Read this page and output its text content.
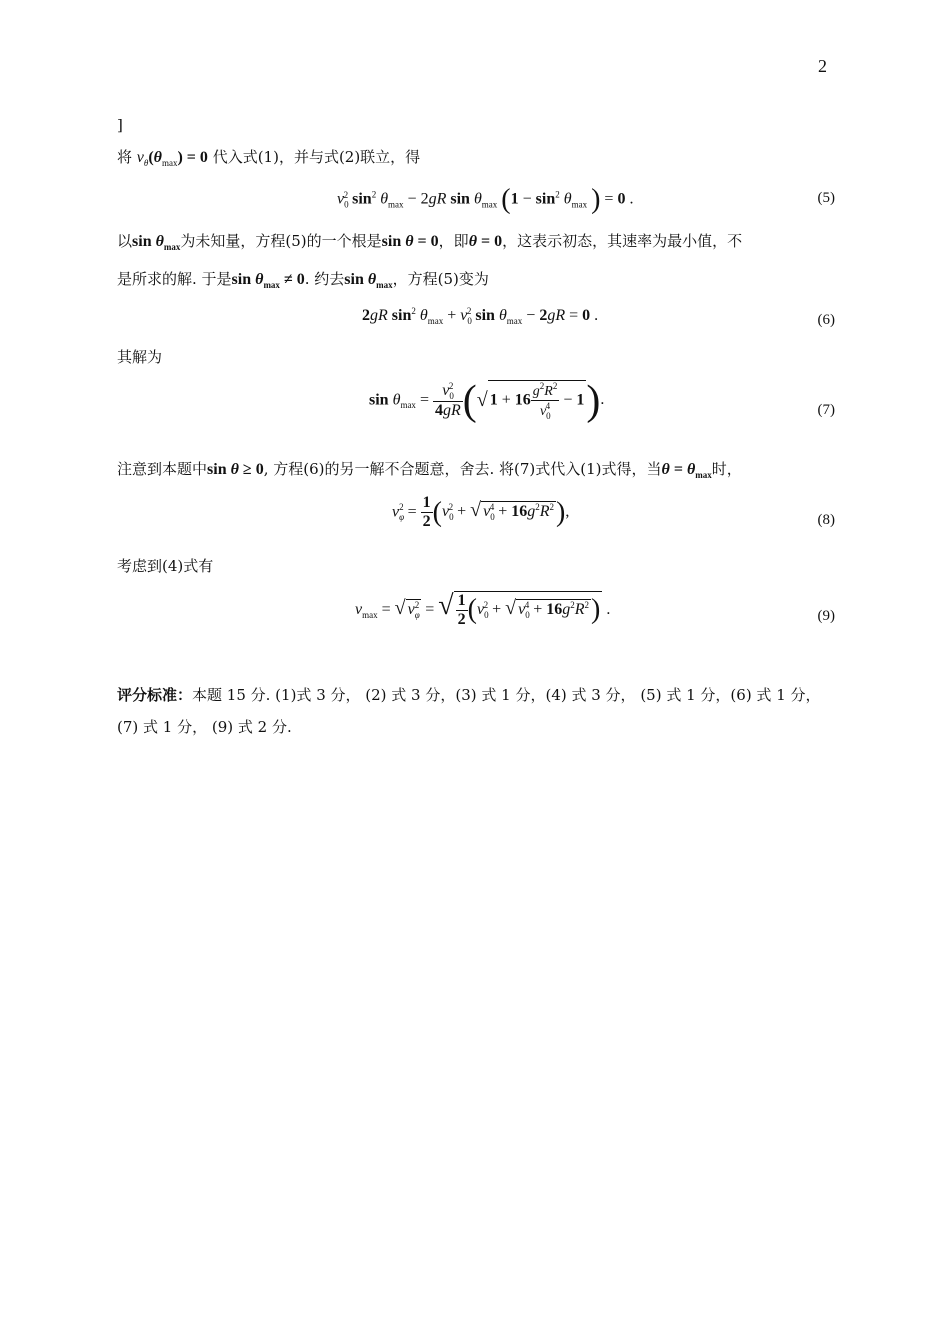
2
]
将 $v_\theta(\theta_{max}) = 0$ 代入式(1)，并与式(2)联立，得
$v_0^2$ $\sin^2 \theta_{max} - 2gR$ $\sin \theta_{max}$ ($1 - \sin^2 \theta_{max}$ ) = 0 .	(5)
以$\sin \theta_{max}$为未知量，方程(5)的一个根是sin θ = 0，即θ = 0，这表示初态，其速率为最小值，不
是所求的解. 于是$\sin \theta_{max} \ne 0$. 约去$\sin \theta_{max}$，方程(5)变为
2gR $\sin^2 \theta_{max} + v_0^2$ $\sin \theta_{max} - 2gR = 0$ .	(6)
其解为
$\sin \theta_{max} = \frac{v_0^2}{4gR}$ (√ $1 + 16 \frac{g^2R^2}{v_0^4} - 1$).
(7)
注意到本题中sin θ ≥ 0, 方程(6)的另一解不合题意，舍去. 将(7)式代入(1)式得，当$\theta = \theta_{max}$时，
$v_\varphi^2 = \frac{1}{2} (v_0^2$ + √ $v_0^4 + 16g^2R^2$),	(8)
考虑到(4)式有
$v_{max}$ = √ $v_\varphi^2$ = √ $\frac{1}{2} (v_0^2$ + √ $v_0^4 + 16g^2R^2$) .	(9)
评分标准：本题 15 分. (1)式 3 分， (2) 式 3 分，(3) 式 1 分，(4) 式 3 分， (5) 式 1 分，(6) 式 1 分，
(7) 式 1 分， (9) 式 2 分.
